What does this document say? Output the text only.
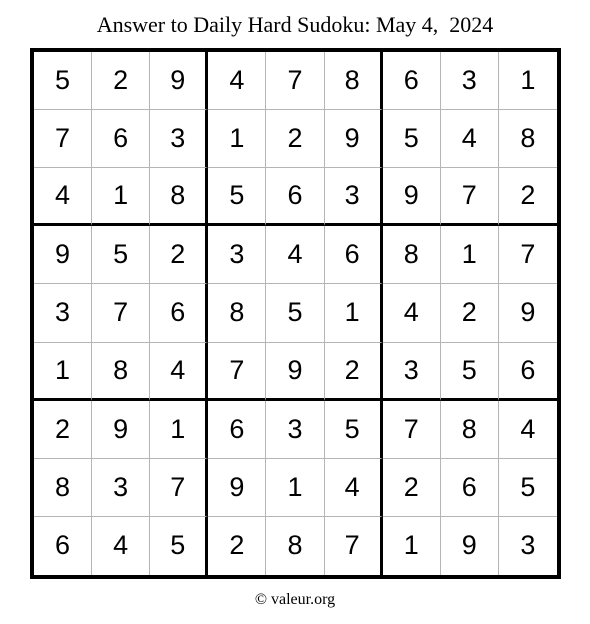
Answer to Daily Hard Sudoku: May 4,  2024
5	2	9	4	7	8	6	3	1
7	6	3	1	2	9	5	4	8
4	1	8	5	6	3	9	7	2
9	5	2	3	4	6	8	1	7
3	7	6	8	5	1	4	2	9
1	8	4	7	9	2	3	5	6
2	9	1	6	3	5	7	8	4
8	3	7	9	1	4	2	6	5
6	4	5	2	8	7	1	9	3
© valeur.org
